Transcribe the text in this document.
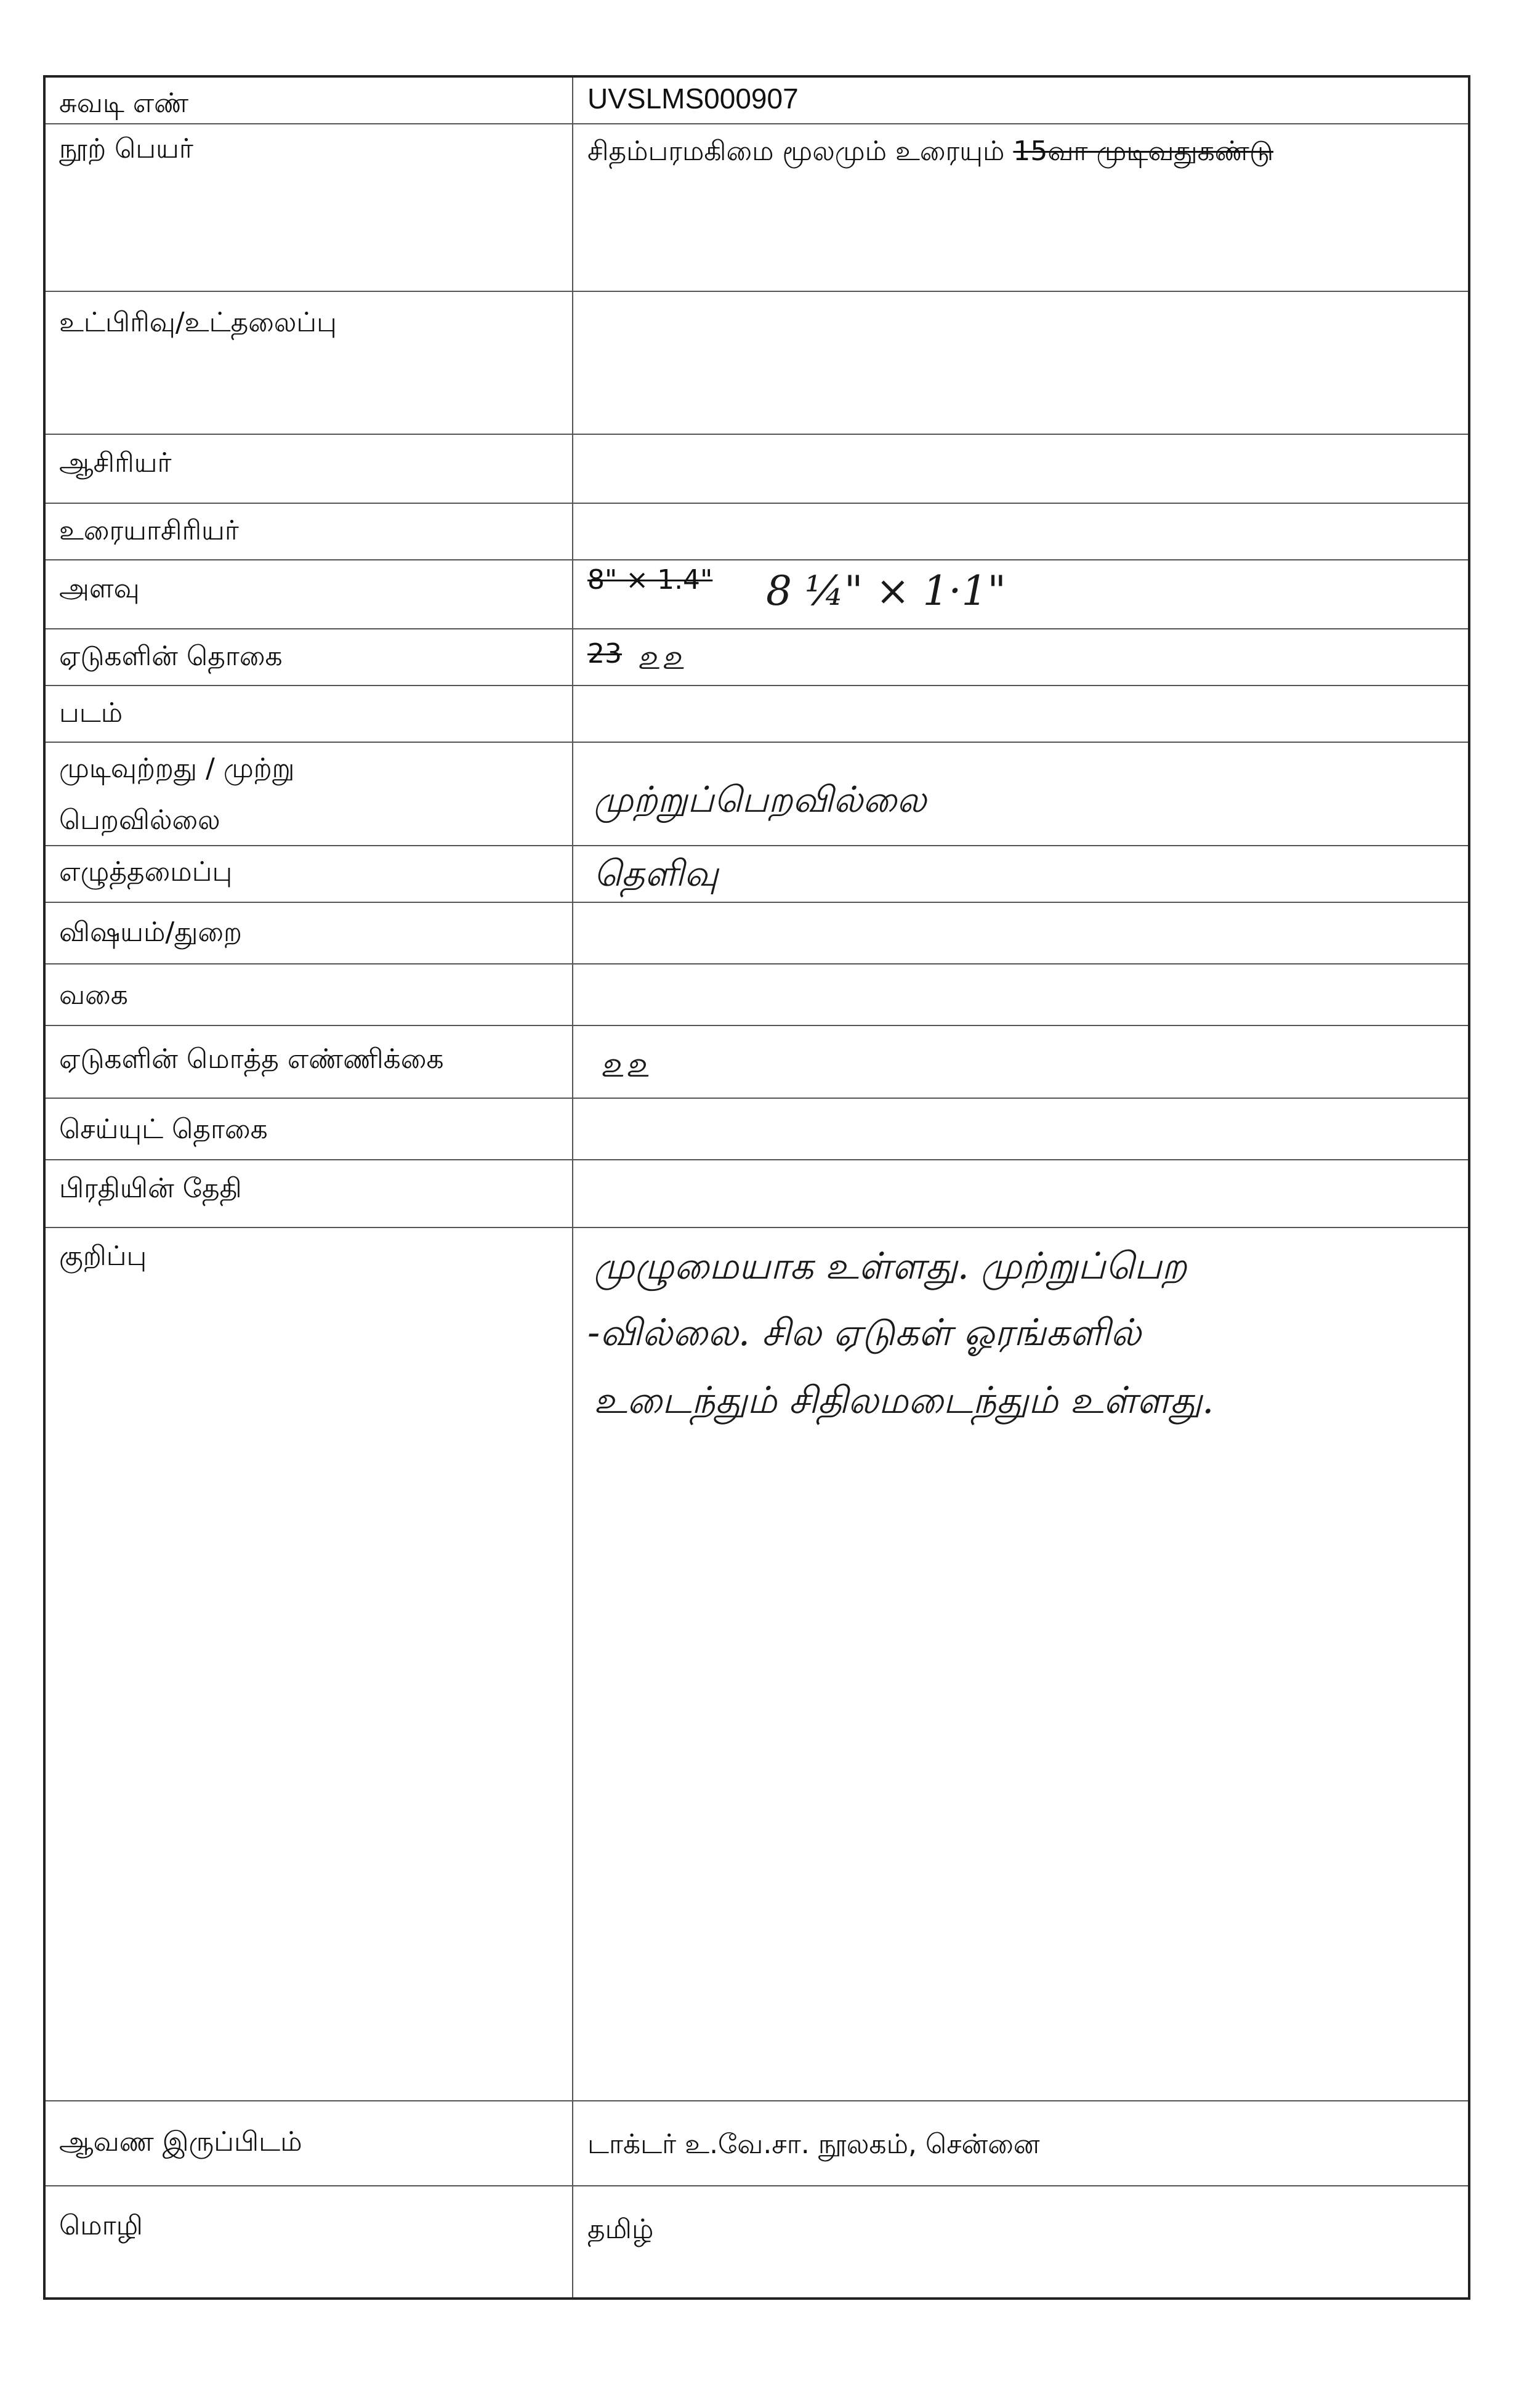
சுவடி எண்	UVSLMS000907
நூற் பெயர்	சிதம்பரமகிமை மூலமும் உரையும் 15வா முடிவதுகண்டு
உட்பிரிவு/உட்தலைப்பு
ஆசிரியர்
உரையாசிரியர்
அளவு	8" × 1.4" 8 ¼" × 1·1"
ஏடுகளின் தொகை	23 ௨௨
படம்
முடிவுற்றது / முற்று
பெறவில்லை	முற்றுப்பெறவில்லை
எழுத்தமைப்பு	தெளிவு
விஷயம்/துறை
வகை
ஏடுகளின் மொத்த எண்ணிக்கை	௨௨
செய்யுட் தொகை
பிரதியின் தேதி
குறிப்பு	முழுமையாக உள்ளது. முற்றுப்பெற
-வில்லை. சில ஏடுகள் ஓரங்களில்
உடைந்தும் சிதிலமடைந்தும் உள்ளது.
ஆவண இருப்பிடம்	டாக்டர் உ.வே.சா. நூலகம், சென்னை
மொழி	தமிழ்
